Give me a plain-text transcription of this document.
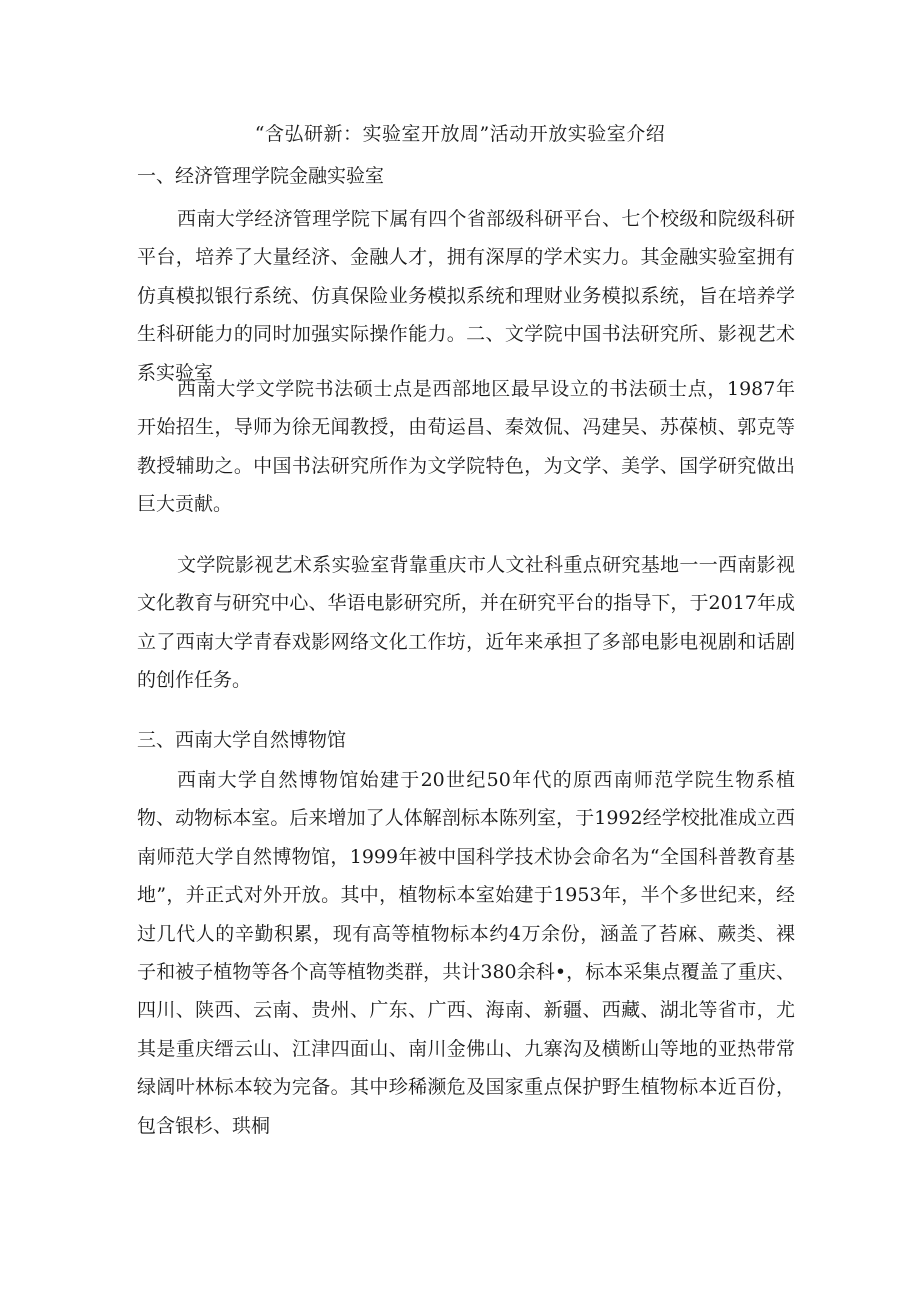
“含弘研新：实验室开放周”活动开放实验室介绍
一、经济管理学院金融实验室

西南大学经济管理学院下属有四个省部级科研平台、七个校级和院级科研平台，培养了大量经济、金融人才，拥有深厚的学术实力。其金融实验室拥有仿真模拟银行系统、仿真保险业务模拟系统和理财业务模拟系统，旨在培养学生科研能力的同时加强实际操作能力。二、文学院中国书法研究所、影视艺术系实验室

西南大学文学院书法硕士点是西部地区最早设立的书法硕士点，1987年开始招生，导师为徐无闻教授，由荀运昌、秦效侃、冯建吴、苏葆桢、郭克等教授辅助之。中国书法研究所作为文学院特色，为文学、美学、国学研究做出巨大贡献。

文学院影视艺术系实验室背靠重庆市人文社科重点研究基地一一西南影视文化教育与研究中心、华语电影研究所，并在研究平台的指导下，于2017年成立了西南大学青春戏影网络文化工作坊，近年来承担了多部电影电视剧和话剧的创作任务。

三、西南大学自然博物馆

西南大学自然博物馆始建于20世纪50年代的原西南师范学院生物系植物、动物标本室。后来增加了人体解剖标本陈列室，于1992经学校批准成立西南师范大学自然博物馆，1999年被中国科学技术协会命名为“全国科普教育基地”，并正式对外开放。其中，植物标本室始建于1953年，半个多世纪来，经过几代人的辛勤积累，现有高等植物标本约4万余份，涵盖了苔麻、蕨类、裸子和被子植物等各个高等植物类群，共计380余科•，标本采集点覆盖了重庆、四川、陕西、云南、贵州、广东、广西、海南、新疆、西藏、湖北等省市，尤其是重庆缙云山、江津四面山、南川金佛山、九寨沟及横断山等地的亚热带常绿阔叶林标本较为完备。其中珍稀濒危及国家重点保护野生植物标本近百份，包含银杉、珙桐
